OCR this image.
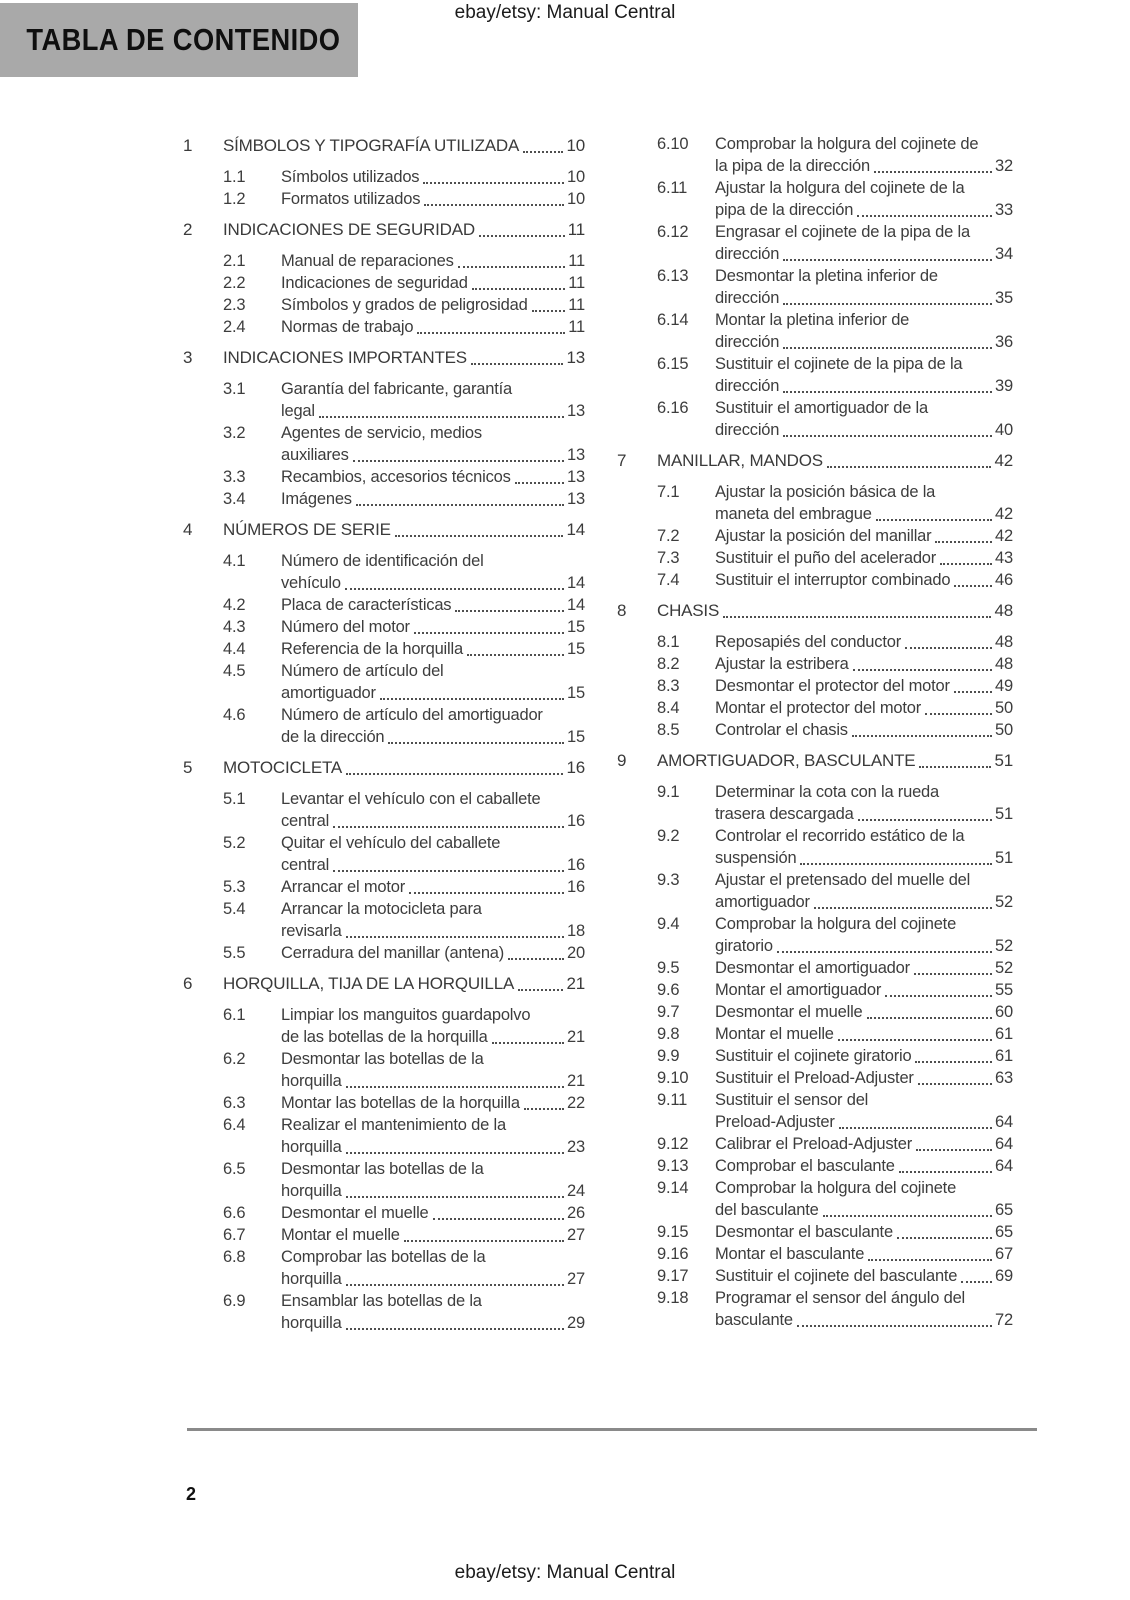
ebay/etsy: Manual Central
TABLA DE CONTENIDO
1	SÍMBOLOS Y TIPOGRAFÍA UTILIZADA	10
1.1	Símbolos utilizados	10
1.2	Formatos utilizados	10
2	INDICACIONES DE SEGURIDAD	11
2.1	Manual de reparaciones	11
2.2	Indicaciones de seguridad	11
2.3	Símbolos y grados de peligrosidad 11
2.4	Normas de trabajo	11
3	INDICACIONES IMPORTANTES	13
3.1	Garantía del fabricante, garantía
legal	13
3.2	Agentes de servicio, medios
auxiliares	13
3.3	Recambios, accesorios técnicos	13
3.4	Imágenes	13
4	NÚMEROS DE SERIE	14
4.1	Número de identificación del
vehículo	14
4.2	Placa de características	14
4.3	Número del motor	15
4.4	Referencia de la horquilla	15
4.5	Número de artículo del
amortiguador	15
4.6	Número de artículo del amortiguador
de la dirección	15
5	MOTOCICLETA	16
5.1	Levantar el vehículo con el caballete
central	16
5.2	Quitar el vehículo del caballete
central	16
5.3	Arrancar el motor	16
5.4	Arrancar la motocicleta para
revisarla	18
5.5	Cerradura del manillar (antena)	20
6	HORQUILLA, TIJA DE LA HORQUILLA	21
6.1	Limpiar los manguitos guardapolvo
de las botellas de la horquilla	21
6.2	Desmontar las botellas de la
horquilla	21
6.3	Montar las botellas de la horquilla	22
6.4	Realizar el mantenimiento de la
horquilla	23
6.5	Desmontar las botellas de la
horquilla	24
6.6	Desmontar el muelle	26
6.7	Montar el muelle	27
6.8	Comprobar las botellas de la
horquilla	27
6.9	Ensamblar las botellas de la
horquilla	29
6.10	Comprobar la holgura del cojinete de
la pipa de la dirección	32
6.11	Ajustar la holgura del cojinete de la
pipa de la dirección	33
6.12	Engrasar el cojinete de la pipa de la
dirección	34
6.13	Desmontar la pletina inferior de
dirección	35
6.14	Montar la pletina inferior de
dirección	36
6.15	Sustituir el cojinete de la pipa de la
dirección	39
6.16	Sustituir el amortiguador de la
dirección	40
7	MANILLAR, MANDOS	42
7.1	Ajustar la posición básica de la
maneta del embrague	42
7.2	Ajustar la posición del manillar	42
7.3	Sustituir el puño del acelerador	43
7.4	Sustituir el interruptor combinado	46
8	CHASIS	48
8.1	Reposapiés del conductor	48
8.2	Ajustar la estribera	48
8.3	Desmontar el protector del motor	49
8.4	Montar el protector del motor	50
8.5	Controlar el chasis	50
9	AMORTIGUADOR, BASCULANTE	51
9.1	Determinar la cota con la rueda
trasera descargada	51
9.2	Controlar el recorrido estático de la
suspensión	51
9.3	Ajustar el pretensado del muelle del
amortiguador	52
9.4	Comprobar la holgura del cojinete
giratorio	52
9.5	Desmontar el amortiguador	52
9.6	Montar el amortiguador	55
9.7	Desmontar el muelle	60
9.8	Montar el muelle	61
9.9	Sustituir el cojinete giratorio	61
9.10	Sustituir el Preload-Adjuster	63
9.11	Sustituir el sensor del
Preload-Adjuster	64
9.12	Calibrar el Preload-Adjuster	64
9.13	Comprobar el basculante	64
9.14	Comprobar la holgura del cojinete
del basculante	65
9.15	Desmontar el basculante	65
9.16	Montar el basculante	67
9.17	Sustituir el cojinete del basculante 69
9.18	Programar el sensor del ángulo del
basculante	72
2
ebay/etsy: Manual Central
